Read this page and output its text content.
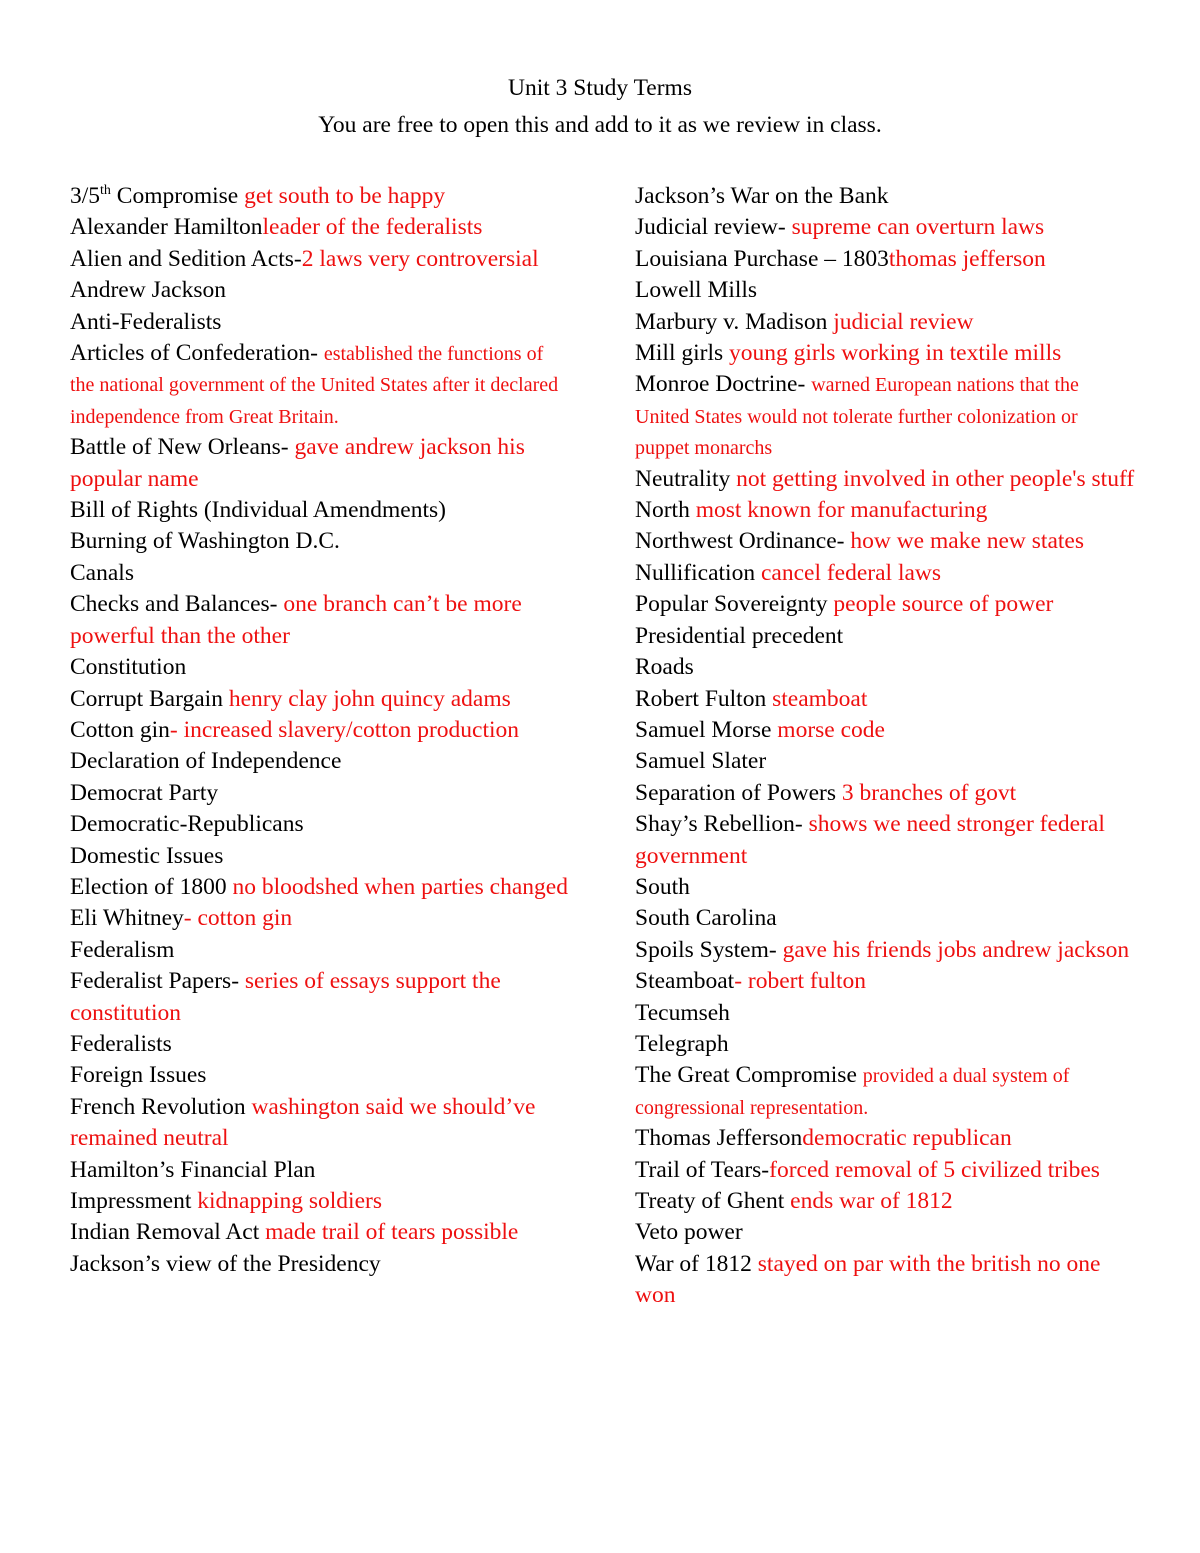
Unit 3 Study Terms

You are free to open this and add to it as we review in class.

3/5th Compromise get south to be happy

Alexander Hamiltonleader of the federalists

Alien and Sedition Acts-2 laws very controversial

Andrew Jackson

Anti-Federalists

Articles of Confederation- established the functions of the national government of the United States after it declared independence from Great Britain.

Battle of New Orleans- gave andrew jackson his popular name

Bill of Rights (Individual Amendments)

Burning of Washington D.C.

Canals

Checks and Balances- one branch can’t be more powerful than the other

Constitution

Corrupt Bargain henry clay john quincy adams

Cotton gin- increased slavery/cotton production

Declaration of Independence

Democrat Party

Democratic-Republicans

Domestic Issues

Election of 1800 no bloodshed when parties changed

Eli Whitney- cotton gin

Federalism

Federalist Papers- series of essays support the constitution

Federalists

Foreign Issues

French Revolution washington said we should’ve remained neutral

Hamilton’s Financial Plan

Impressment kidnapping soldiers

Indian Removal Act made trail of tears possible

Jackson’s view of the Presidency

Jackson’s War on the Bank

Judicial review- supreme can overturn laws

Louisiana Purchase – 1803thomas jefferson

Lowell Mills

Marbury v. Madison judicial review

Mill girls young girls working in textile mills

Monroe Doctrine- warned European nations that the United States would not tolerate further colonization or puppet monarchs

Neutrality not getting involved in other people's stuff

North most known for manufacturing

Northwest Ordinance- how we make new states

Nullification cancel federal laws

Popular Sovereignty people source of power

Presidential precedent

Roads

Robert Fulton steamboat

Samuel Morse morse code

Samuel Slater

Separation of Powers 3 branches of govt

Shay’s Rebellion- shows we need stronger federal government

South

South Carolina

Spoils System- gave his friends jobs andrew jackson

Steamboat- robert fulton

Tecumseh

Telegraph

The Great Compromise provided a dual system of congressional representation.

Thomas Jeffersondemocratic republican

Trail of Tears-forced removal of 5 civilized tribes

Treaty of Ghent ends war of 1812

Veto power

War of 1812 stayed on par with the british no one won
